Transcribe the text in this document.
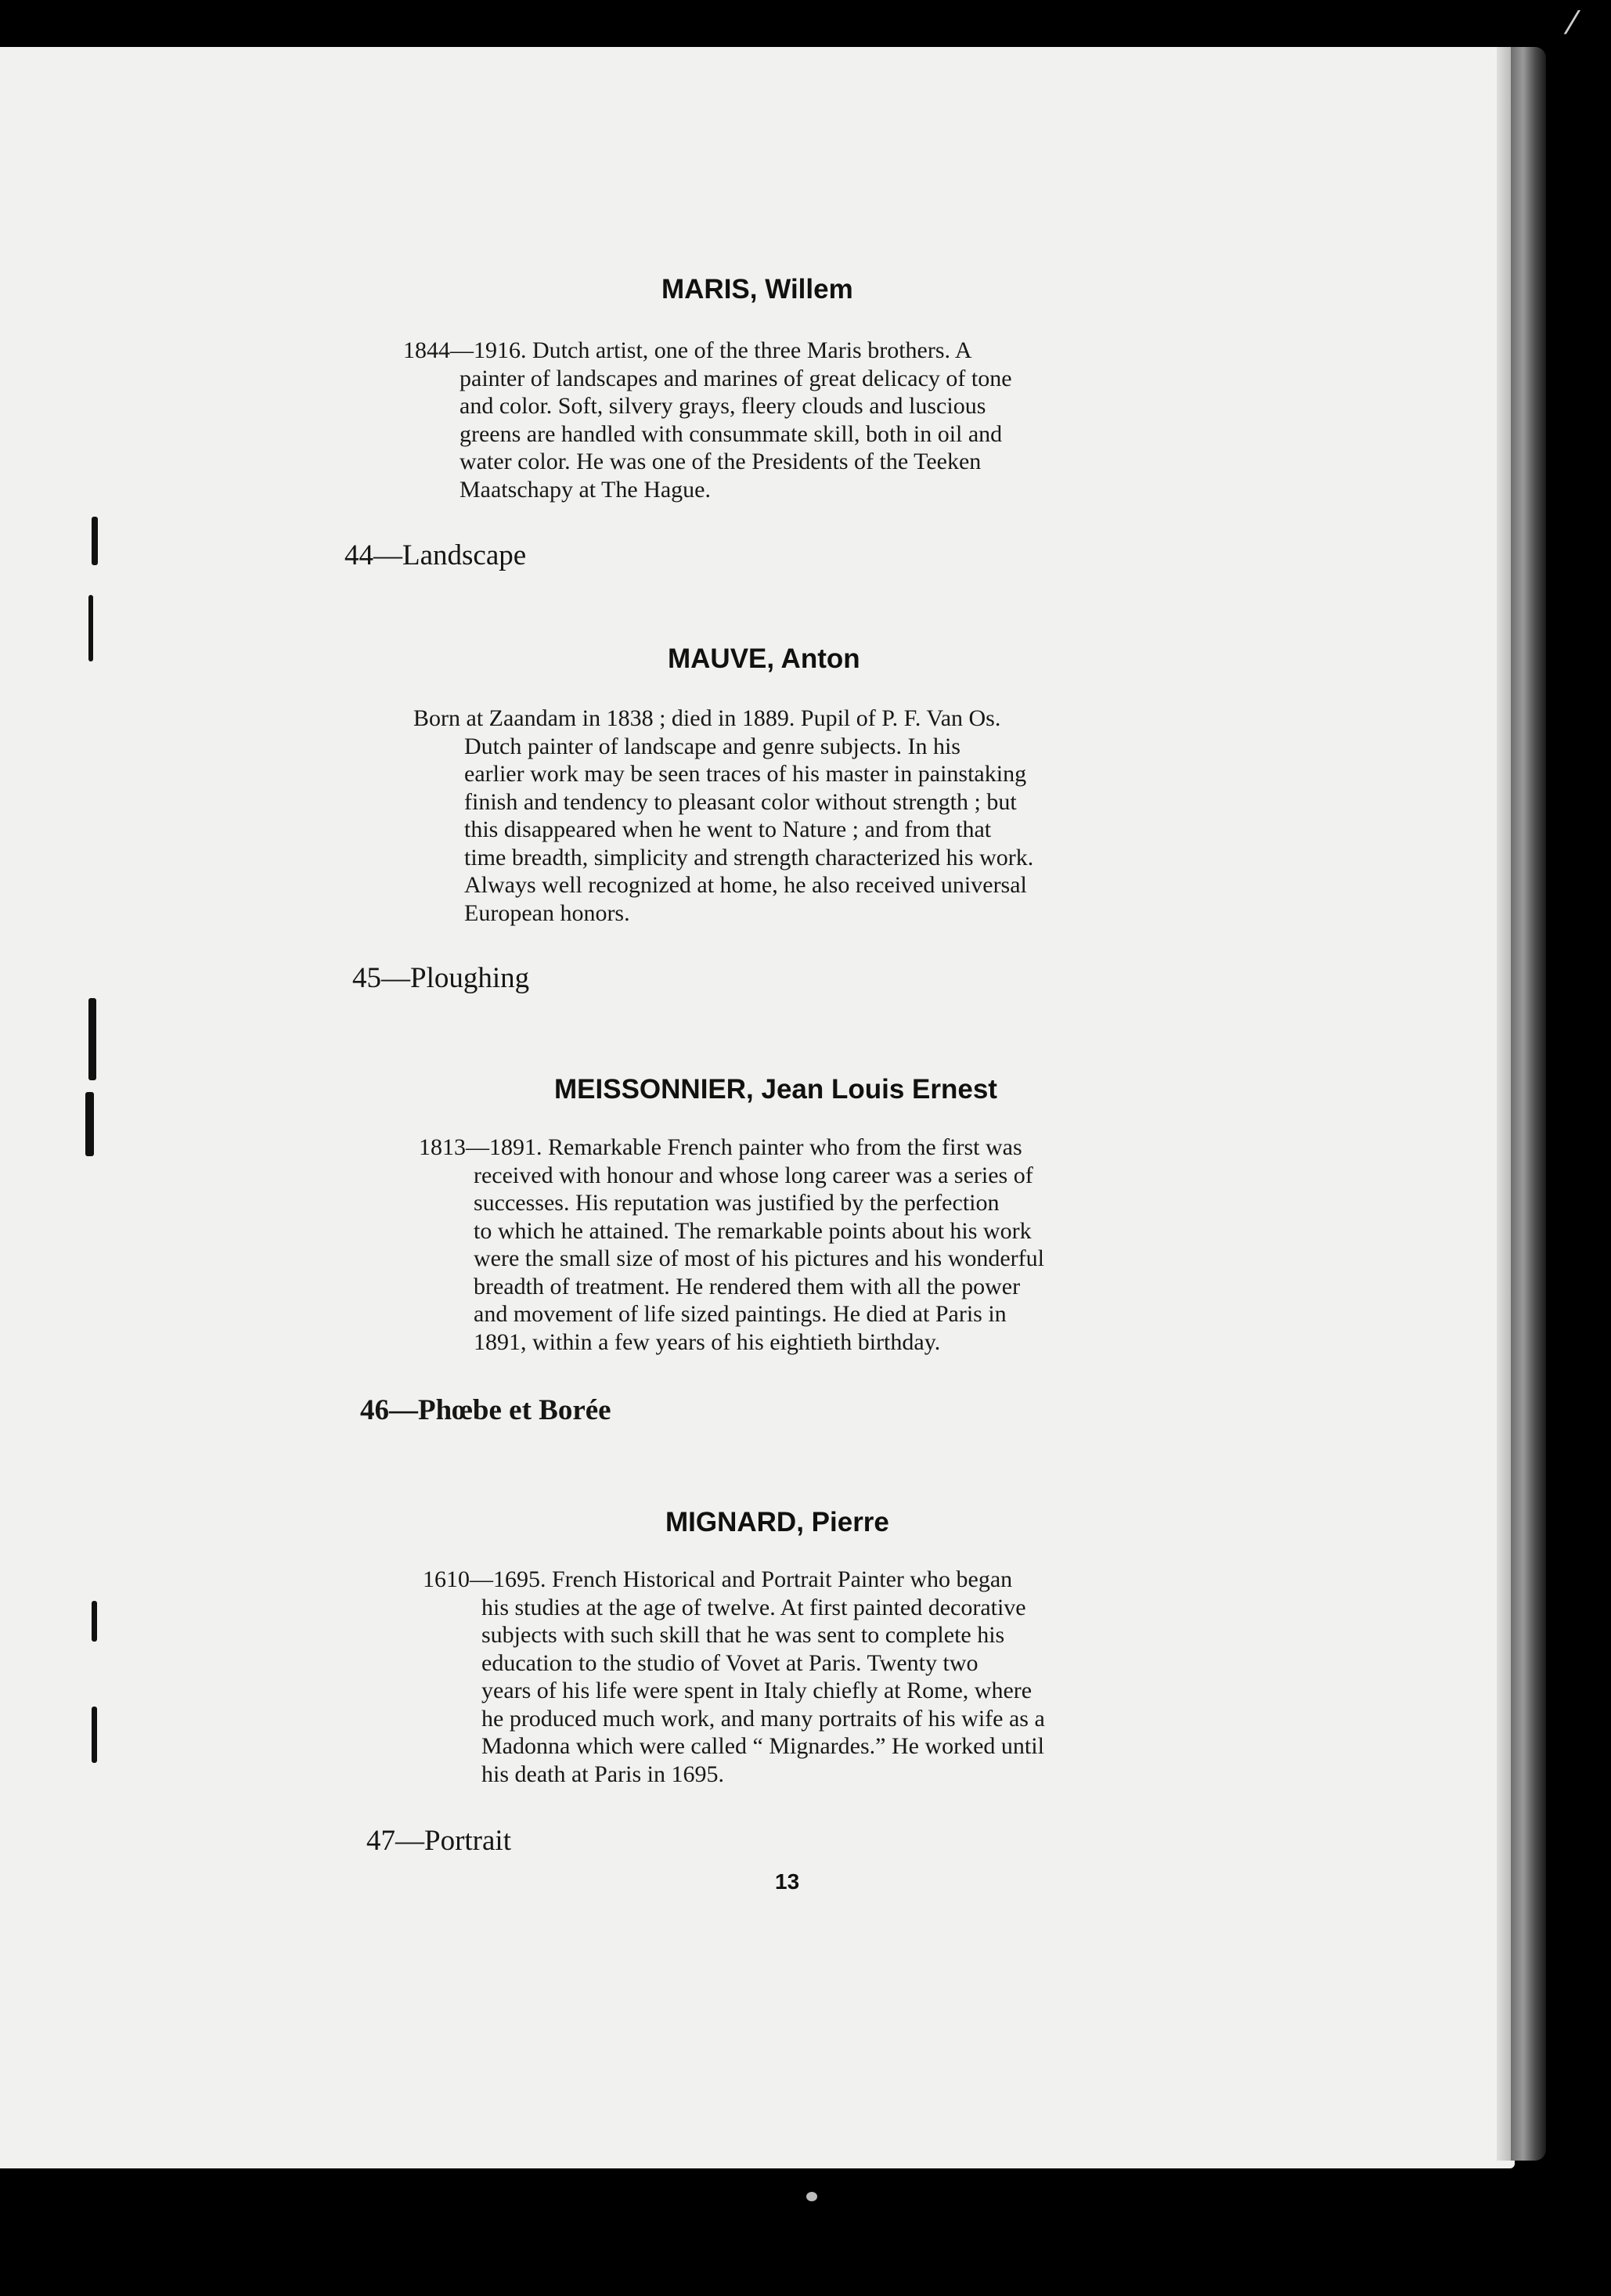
⁄
MARIS, Willem
1844—1916. Dutch artist, one of the three Maris brothers. A
painter of landscapes and marines of great delicacy of tone
and color. Soft, silvery grays, fleery clouds and luscious
greens are handled with consummate skill, both in oil and
water color. He was one of the Presidents of the Teeken
Maatschapy at The Hague.
44—Landscape
MAUVE, Anton
Born at Zaandam in 1838 ; died in 1889. Pupil of P. F. Van Os.
Dutch painter of landscape and genre subjects. In his
earlier work may be seen traces of his master in painstaking
finish and tendency to pleasant color without strength ; but
this disappeared when he went to Nature ; and from that
time breadth, simplicity and strength characterized his work.
Always well recognized at home, he also received universal
European honors.
45—Ploughing
MEISSONNIER, Jean Louis Ernest
1813—1891. Remarkable French painter who from the first was
received with honour and whose long career was a series of
successes. His reputation was justified by the perfection
to which he attained. The remarkable points about his work
were the small size of most of his pictures and his wonderful
breadth of treatment. He rendered them with all the power
and movement of life sized paintings. He died at Paris in
1891, within a few years of his eightieth birthday.
46—Phœbe et Borée
MIGNARD, Pierre
1610—1695. French Historical and Portrait Painter who began
his studies at the age of twelve. At first painted decorative
subjects with such skill that he was sent to complete his
education to the studio of Vovet at Paris. Twenty two
years of his life were spent in Italy chiefly at Rome, where
he produced much work, and many portraits of his wife as a
Madonna which were called “ Mignardes.” He worked until
his death at Paris in 1695.
47—Portrait
13
